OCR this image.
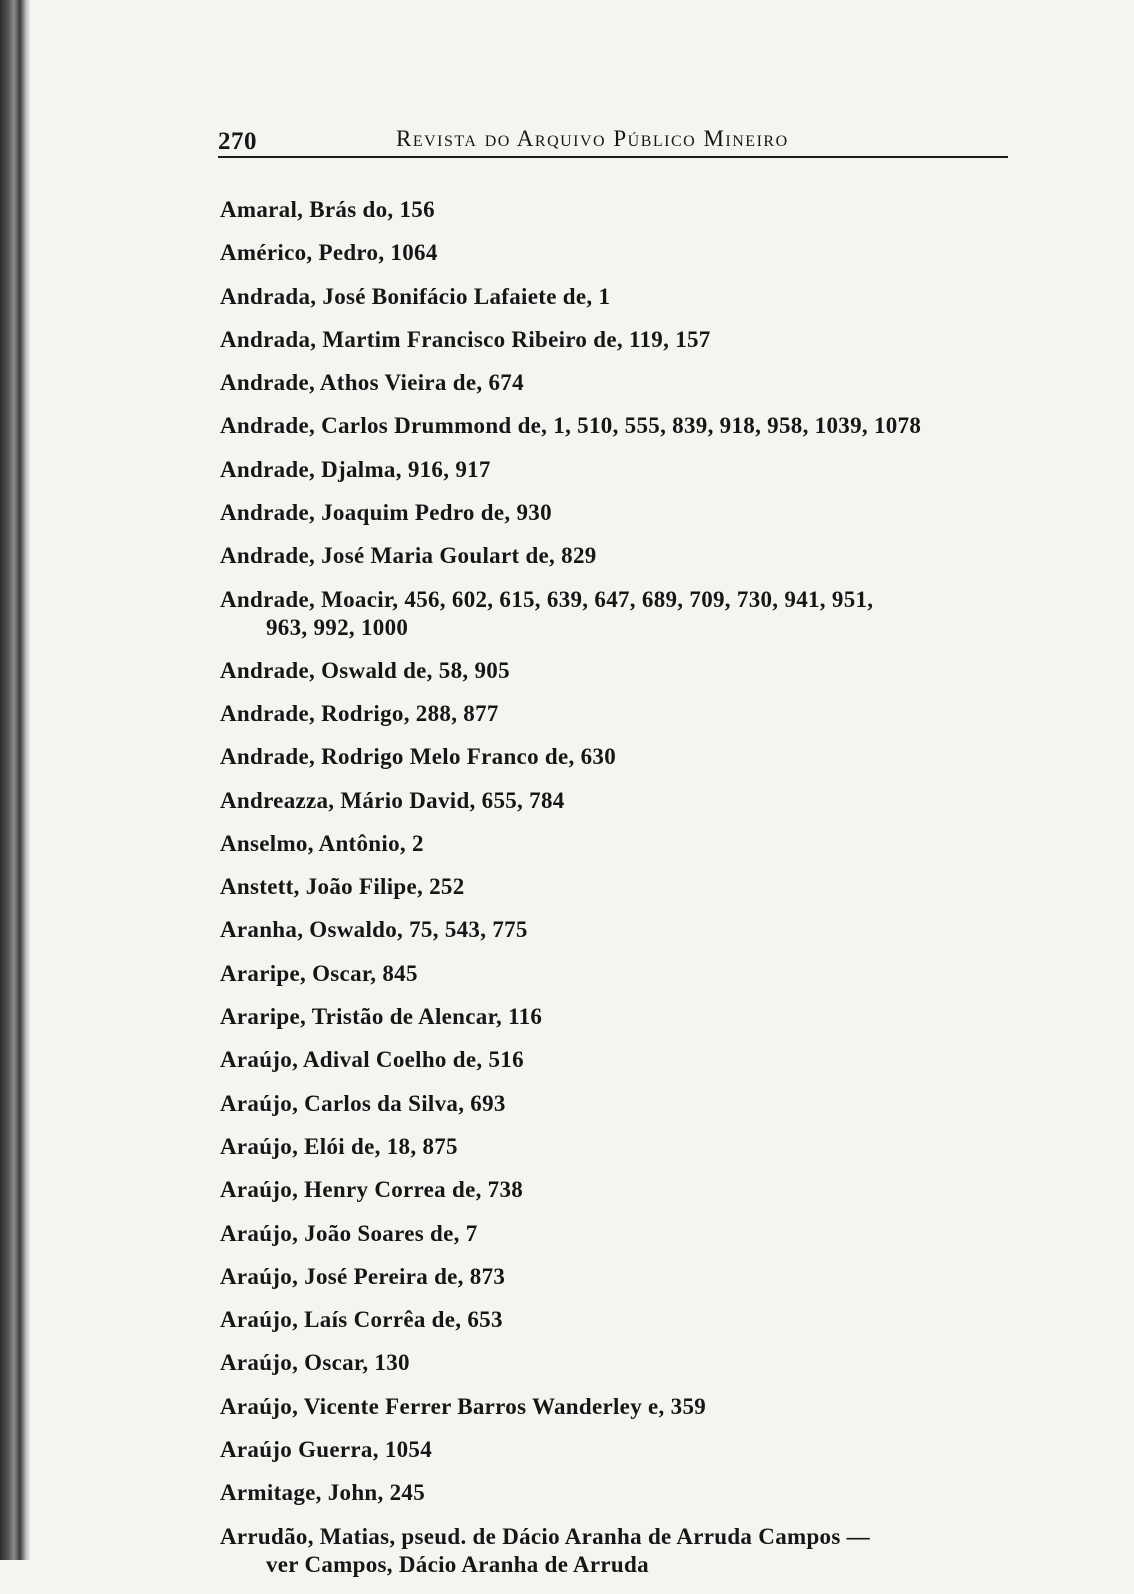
270	Revista do Arquivo Público Mineiro
Amaral, Brás do, 156
Américo, Pedro, 1064
Andrada, José Bonifácio Lafaiete de, 1
Andrada, Martim Francisco Ribeiro de, 119, 157
Andrade, Athos Vieira de, 674
Andrade, Carlos Drummond de, 1, 510, 555, 839, 918, 958, 1039, 1078
Andrade, Djalma, 916, 917
Andrade, Joaquim Pedro de, 930
Andrade, José Maria Goulart de, 829
Andrade, Moacir, 456, 602, 615, 639, 647, 689, 709, 730, 941, 951,
963, 992, 1000
Andrade, Oswald de, 58, 905
Andrade, Rodrigo, 288, 877
Andrade, Rodrigo Melo Franco de, 630
Andreazza, Mário David, 655, 784
Anselmo, Antônio, 2
Anstett, João Filipe, 252
Aranha, Oswaldo, 75, 543, 775
Araripe, Oscar, 845
Araripe, Tristão de Alencar, 116
Araújo, Adival Coelho de, 516
Araújo, Carlos da Silva, 693
Araújo, Elói de, 18, 875
Araújo, Henry Correa de, 738
Araújo, João Soares de, 7
Araújo, José Pereira de, 873
Araújo, Laís Corrêa de, 653
Araújo, Oscar, 130
Araújo, Vicente Ferrer Barros Wanderley e, 359
Araújo Guerra, 1054
Armitage, John, 245
Arrudão, Matias, pseud. de Dácio Aranha de Arruda Campos —
ver Campos, Dácio Aranha de Arruda
